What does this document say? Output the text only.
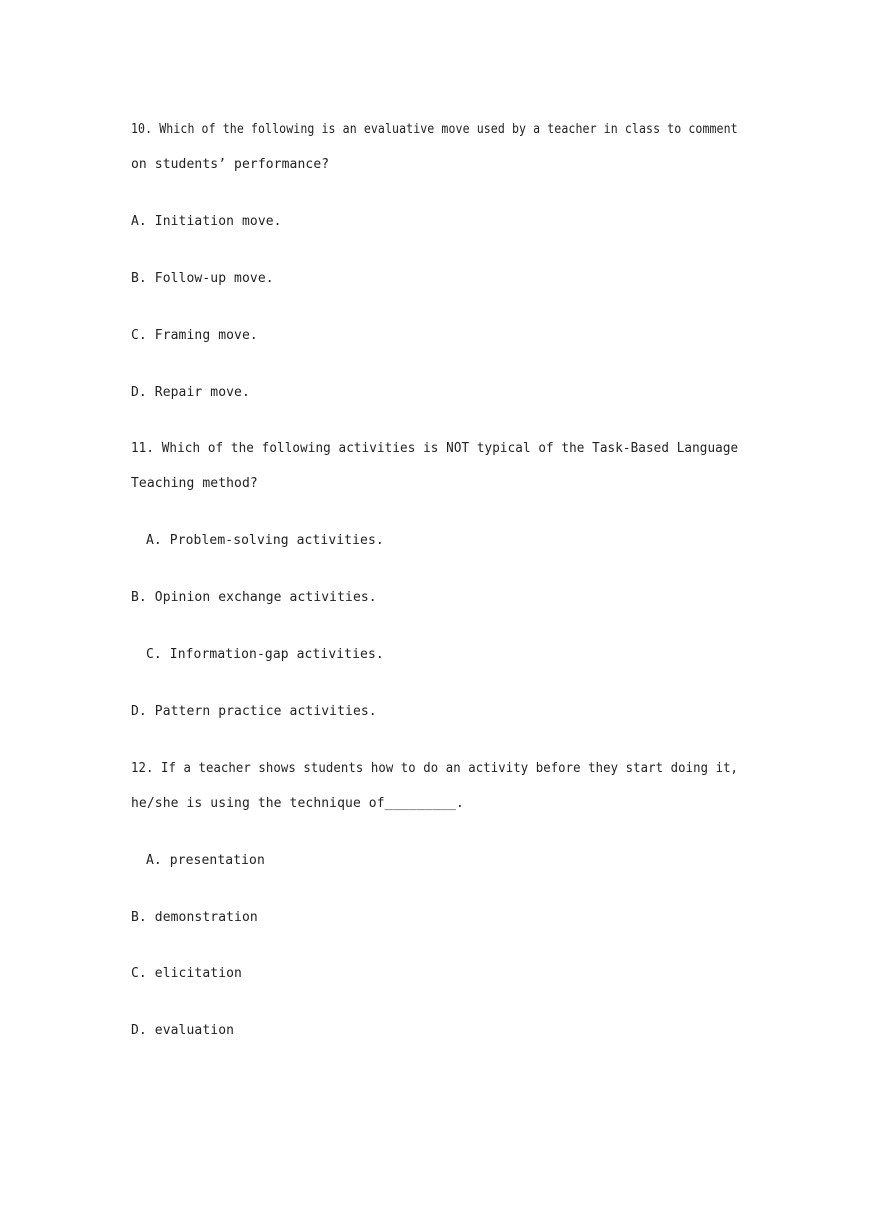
10. Which of the following is an evaluative move used by a teacher in class to comment
on students’ performance?
A. Initiation move.
B. Follow-up move.
C. Framing move.
D. Repair move.
11. Which of the following activities is NOT typical of the Task-Based Language
Teaching method?
A. Problem-solving activities.
B. Opinion exchange activities.
C. Information-gap activities.
D. Pattern practice activities.
12. If a teacher shows students how to do an activity before they start doing it,
he/she is using the technique of_________.
A. presentation
B. demonstration
C. elicitation
D. evaluation
